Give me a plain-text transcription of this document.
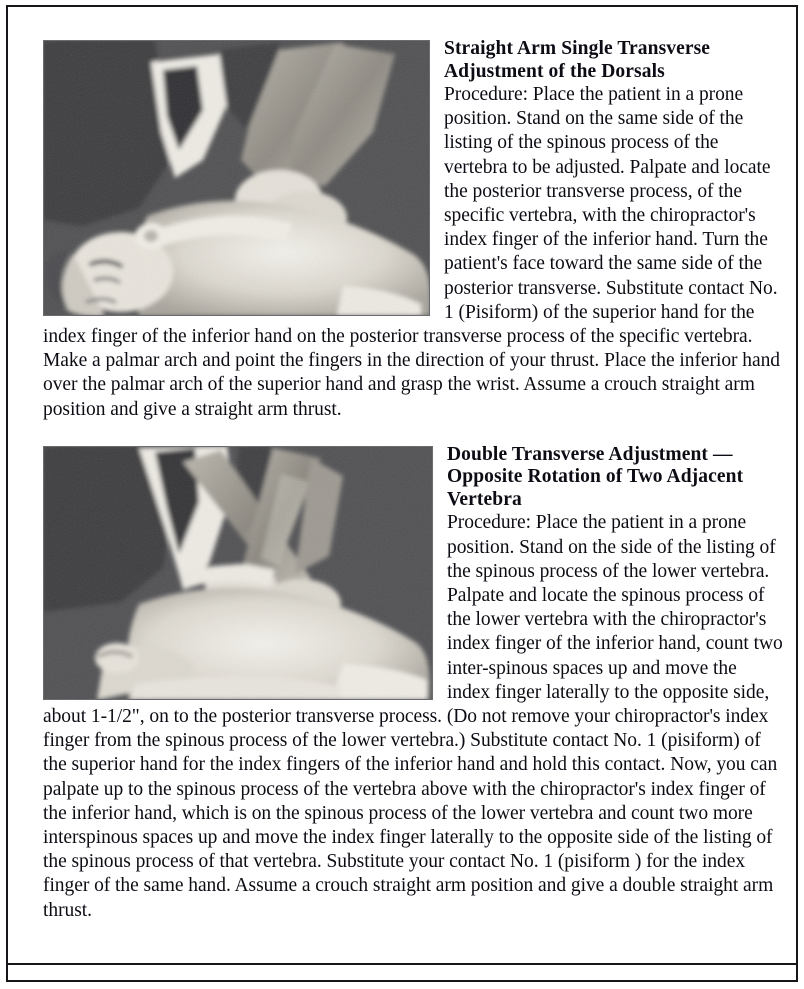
Straight Arm Single Transverse Adjustment of the Dorsals

Procedure: Place the patient in a prone position. Stand on the same side of the listing of the spinous process of the vertebra to be adjusted. Palpate and locate the posterior transverse process, of the specific vertebra, with the chiropractor's index finger of the inferior hand. Turn the patient's face toward the same side of the posterior transverse. Substitute contact No. 1 (Pisiform) of the superior hand for the index finger of the inferior hand on the posterior transverse process of the specific vertebra. Make a palmar arch and point the fingers in the direction of your thrust. Place the inferior hand over the palmar arch of the superior hand and grasp the wrist. Assume a crouch straight arm position and give a straight arm thrust.

Double Transverse Adjustment — Opposite Rotation of Two Adjacent Vertebra

Procedure: Place the patient in a prone position. Stand on the side of the listing of the spinous process of the lower vertebra. Palpate and locate the spinous process of the lower vertebra with the chiropractor's index finger of the inferior hand, count two inter-spinous spaces up and move the index finger laterally to the opposite side, about 1-1/2", on to the posterior transverse process. (Do not remove your chiropractor's index finger from the spinous process of the lower vertebra.) Substitute contact No. 1 (pisiform) of the superior hand for the index fingers of the inferior hand and hold this contact. Now, you can palpate up to the spinous process of the vertebra above with the chiropractor's index finger of the inferior hand, which is on the spinous process of the lower vertebra and count two more interspinous spaces up and move the index finger laterally to the opposite side of the listing of the spinous process of that vertebra. Substitute your contact No. 1 (pisiform ) for the index finger of the same hand. Assume a crouch straight arm position and give a double straight arm thrust.
